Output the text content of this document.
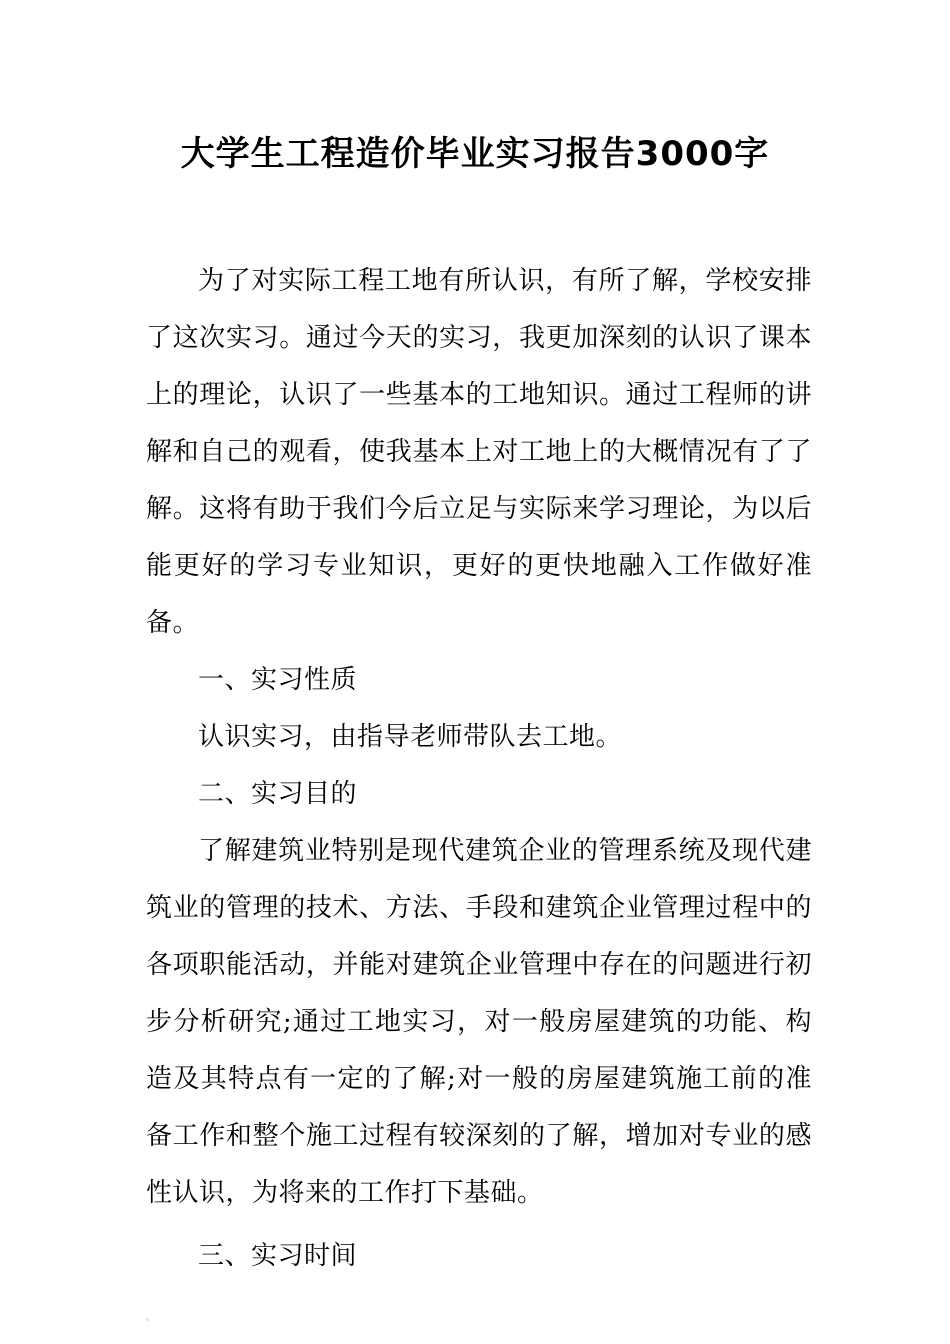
大学生工程造价毕业实习报告3000字

为了对实际工程工地有所认识，有所了解，学校安排了这次实习。通过今天的实习，我更加深刻的认识了课本上的理论，认识了一些基本的工地知识。通过工程师的讲解和自己的观看，使我基本上对工地上的大概情况有了了解。这将有助于我们今后立足与实际来学习理论，为以后能更好的学习专业知识，更好的更快地融入工作做好准备。

一、实习性质

认识实习，由指导老师带队去工地。

二、实习目的

了解建筑业特别是现代建筑企业的管理系统及现代建筑业的管理的技术、方法、手段和建筑企业管理过程中的各项职能活动，并能对建筑企业管理中存在的问题进行初步分析研究;通过工地实习，对一般房屋建筑的功能、构造及其特点有一定的了解;对一般的房屋建筑施工前的准备工作和整个施工过程有较深刻的了解，增加对专业的感性认识，为将来的工作打下基础。

三、实习时间
